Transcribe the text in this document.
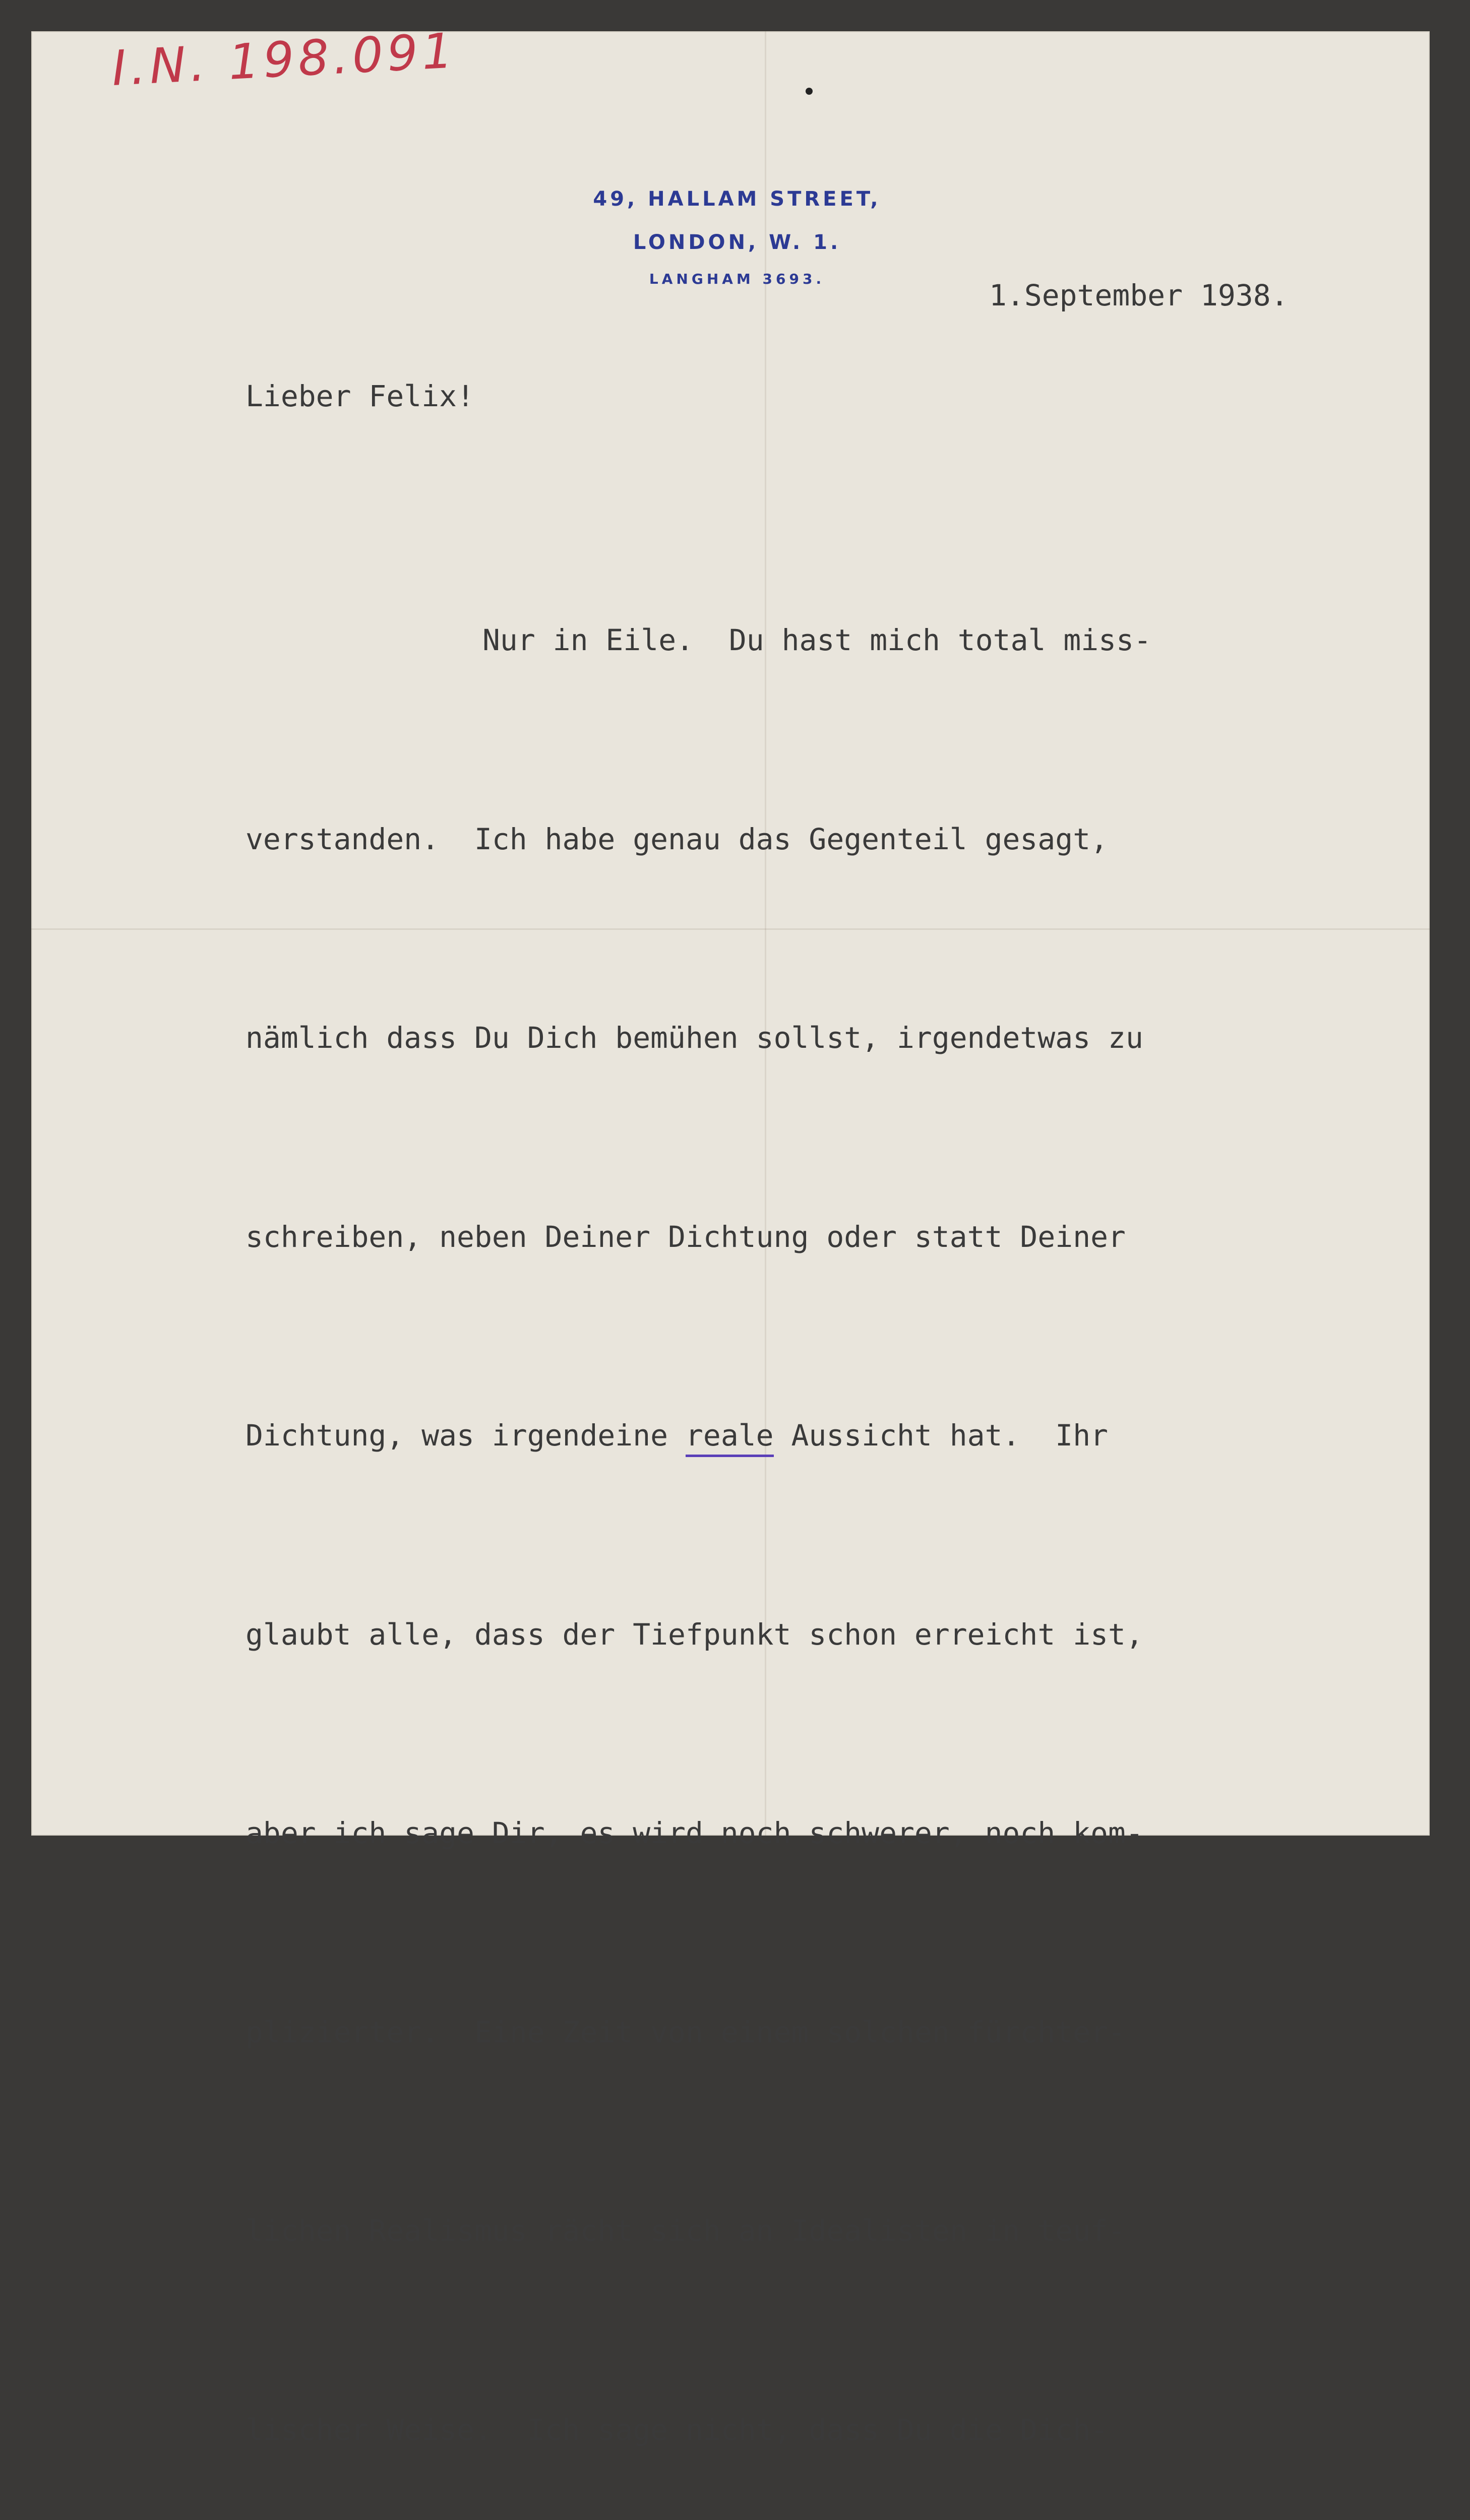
I.N. 198.091
49, HALLAM STREET,
LONDON, W. 1.
LANGHAM 3693.	1.September 1938.
Lieber Felix!

Nur in Eile.  Du hast mich total miss-

verstanden.  Ich habe genau das Gegenteil gesagt,

nämlich dass Du Dich bemühen sollst, irgendetwas zu

schreiben, neben Deiner Dichtung oder statt Deiner

Dichtung, was irgendeine reale Aussicht hat.  Ihr

glaubt alle, dass der Tiefpunkt schon erreicht ist,

aber ich sage Dir, es wird noch schwerer, noch kom-

plizierter.  Eine Zeit von einem solchen fürchter-

lichen Realismus rächt sich an Idealisten in teuf-

lischer Weise.  Ich sage nicht, dass Du die Dich-
